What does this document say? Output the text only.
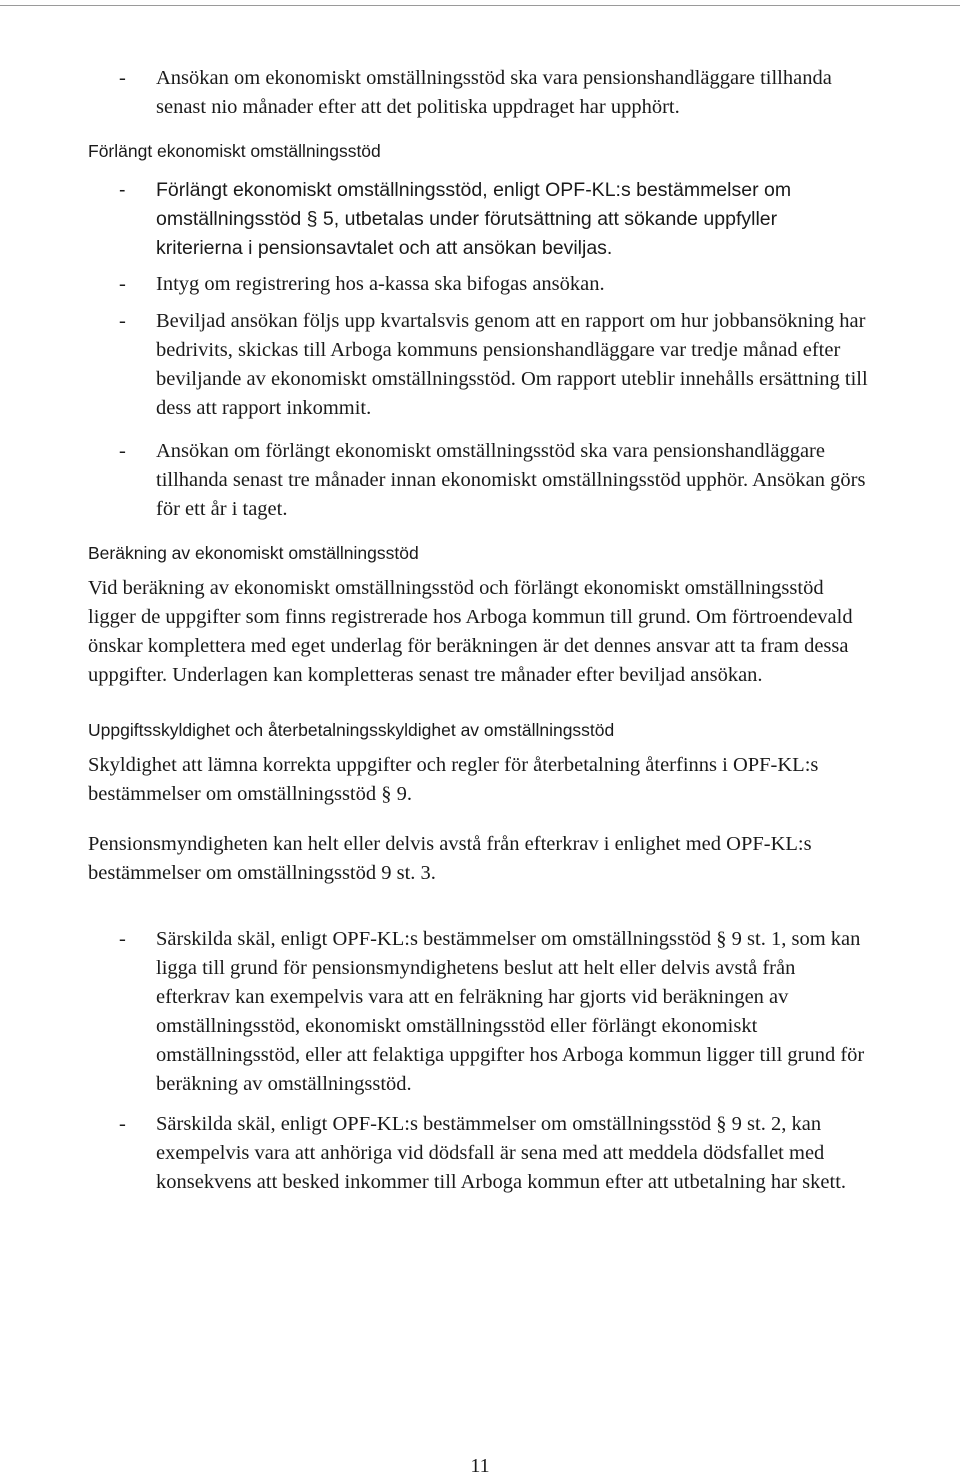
- Ansökan om ekonomiskt omställningsstöd ska vara pensionshandläggare tillhanda senast nio månader efter att det politiska uppdraget har upphört.
Förlängt ekonomiskt omställningsstöd
- Förlängt ekonomiskt omställningsstöd, enligt OPF-KL:s bestämmelser om omställningsstöd § 5, utbetalas under förutsättning att sökande uppfyller kriterierna i pensionsavtalet och att ansökan beviljas.
- Intyg om registrering hos a-kassa ska bifogas ansökan.
- Beviljad ansökan följs upp kvartalsvis genom att en rapport om hur jobbansökning har bedrivits, skickas till Arboga kommuns pensionshandläggare var tredje månad efter beviljande av ekonomiskt omställningsstöd. Om rapport uteblir innehålls ersättning till dess att rapport inkommit.
- Ansökan om förlängt ekonomiskt omställningsstöd ska vara pensionshandläggare tillhanda senast tre månader innan ekonomiskt omställningsstöd upphör. Ansökan görs för ett år i taget.
Beräkning av ekonomiskt omställningsstöd
Vid beräkning av ekonomiskt omställningsstöd och förlängt ekonomiskt omställningsstöd ligger de uppgifter som finns registrerade hos Arboga kommun till grund. Om förtroendevald önskar komplettera med eget underlag för beräkningen är det dennes ansvar att ta fram dessa uppgifter. Underlagen kan kompletteras senast tre månader efter beviljad ansökan.
Uppgiftsskyldighet och återbetalningsskyldighet av omställningsstöd
Skyldighet att lämna korrekta uppgifter och regler för återbetalning återfinns i OPF-KL:s bestämmelser om omställningsstöd § 9.
Pensionsmyndigheten kan helt eller delvis avstå från efterkrav i enlighet med OPF-KL:s bestämmelser om omställningsstöd 9 st. 3.
- Särskilda skäl, enligt OPF-KL:s bestämmelser om omställningsstöd § 9 st. 1, som kan ligga till grund för pensionsmyndighetens beslut att helt eller delvis avstå från efterkrav kan exempelvis vara att en felräkning har gjorts vid beräkningen av omställningsstöd, ekonomiskt omställningsstöd eller förlängt ekonomiskt omställningsstöd, eller att felaktiga uppgifter hos Arboga kommun ligger till grund för beräkning av omställningsstöd.
- Särskilda skäl, enligt OPF-KL:s bestämmelser om omställningsstöd § 9 st. 2, kan exempelvis vara att anhöriga vid dödsfall är sena med att meddela dödsfallet med konsekvens att besked inkommer till Arboga kommun efter att utbetalning har skett.
11
